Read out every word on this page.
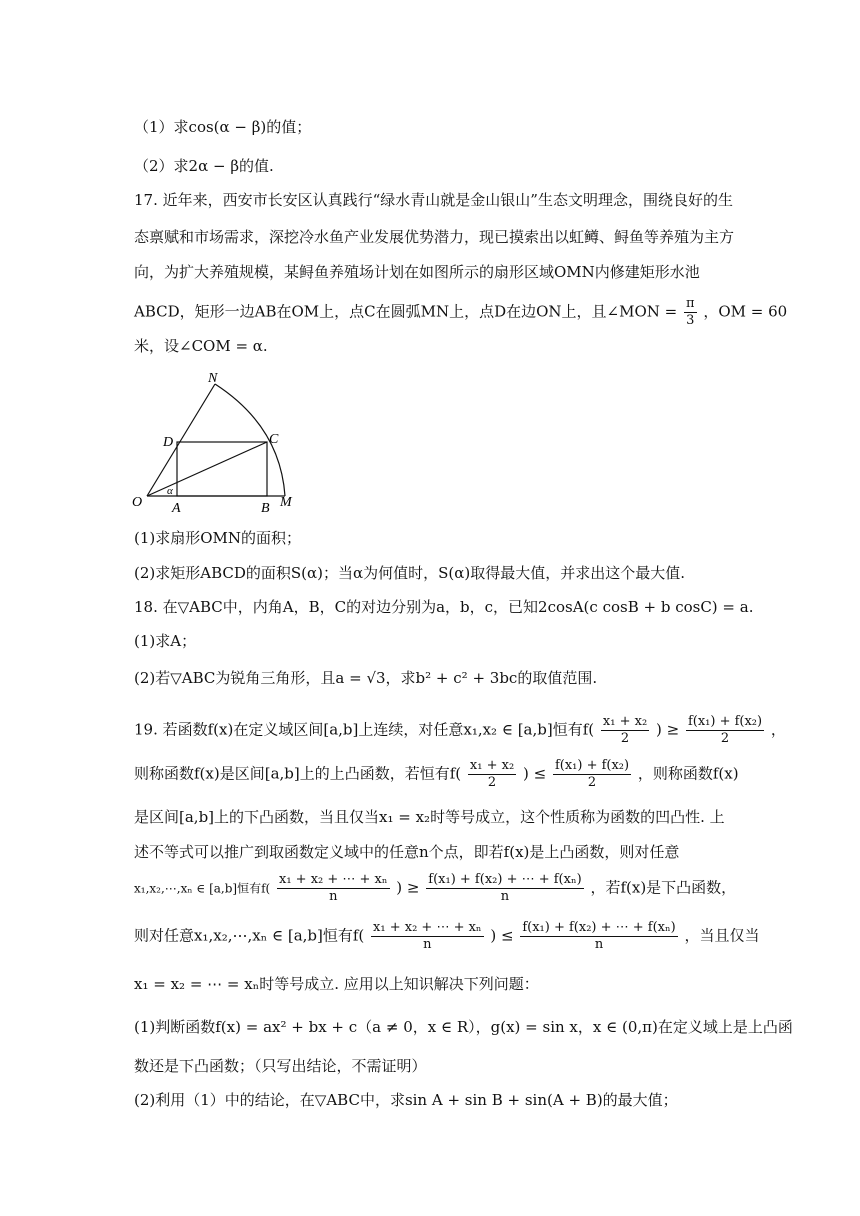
（1）求cos(α − β)的值；
（2）求2α − β的值.
17. 近年来，西安市长安区认真践行“绿水青山就是金山银山”生态文明理念，围绕良好的生
态禀赋和市场需求，深挖冷水鱼产业发展优势潜力，现已摸索出以虹鳟、鲟鱼等养殖为主方
向，为扩大养殖规模，某鲟鱼养殖场计划在如图所示的扇形区域OMN内修建矩形水池
ABCD，矩形一边AB在OM上，点C在圆弧MN上，点D在边ON上，且∠MON = $\frac{\pi}{3}$ ，OM = 60
米，设∠COM = α.
N
D	C
O A	B M
α
(1)求扇形OMN的面积；
(2)求矩形ABCD的面积S(α)；当α为何值时，S(α)取得最大值，并求出这个最大值.
18. 在▽ABC中，内角A，B，C的对边分别为a，b，c，已知2cosA(c cosB + b cosC) = a.
(1)求A；
(2)若▽ABC为锐角三角形，且a = √3，求b² + c² + 3bc的取值范围.
19. 若函数f(x)在定义域区间[a,b]上连续，对任意x₁,x₂ ∈ [a,b]恒有$f( \frac{\text{x₁ + x₂}}{2}$ ) ≥ $\frac{\text{f(x₁) + f(x₂)}}{2}$ ，
则称函数f(x)是区间[a,b]上的上凸函数，若恒有$f( \frac{\text{x₁ + x₂}}{2}$ ) ≤ $\frac{\text{f(x₁) + f(x₂)}}{2}$ ，则称函数f(x)
是区间[a,b]上的下凸函数，当且仅当x₁ = x₂时等号成立，这个性质称为函数的凹凸性. 上
述不等式可以推广到取函数定义域中的任意n个点，即若f(x)是上凸函数，则对任意
x₁,x₂,⋯,xₙ ∈ [a,b]恒有$f( \frac{\text{x₁ + x₂ + ⋯ + xₙ}}{n}$ ) ≥ $\frac{\text{f(x₁) + f(x₂) + ⋯ + f(xₙ)}}{n}$ ，若f(x)是下凸函数，
则对任意x₁,x₂,⋯,xₙ ∈ [a,b]恒有$f( \frac{\text{x₁ + x₂ + ⋯ + xₙ}}{n}$ ) ≤ $\frac{\text{f(x₁) + f(x₂) + ⋯ + f(xₙ)}}{n}$ ，当且仅当
x₁ = x₂ = ⋯ = xₙ时等号成立. 应用以上知识解决下列问题：
(1)判断函数f(x) = ax² + bx + c（a ≠ 0，x ∈ R），g(x) = sin x，x ∈ (0,π)在定义域上是上凸函
数还是下凸函数；（只写出结论，不需证明）
(2)利用（1）中的结论，在▽ABC中，求sin A + sin B + sin(A + B)的最大值；
